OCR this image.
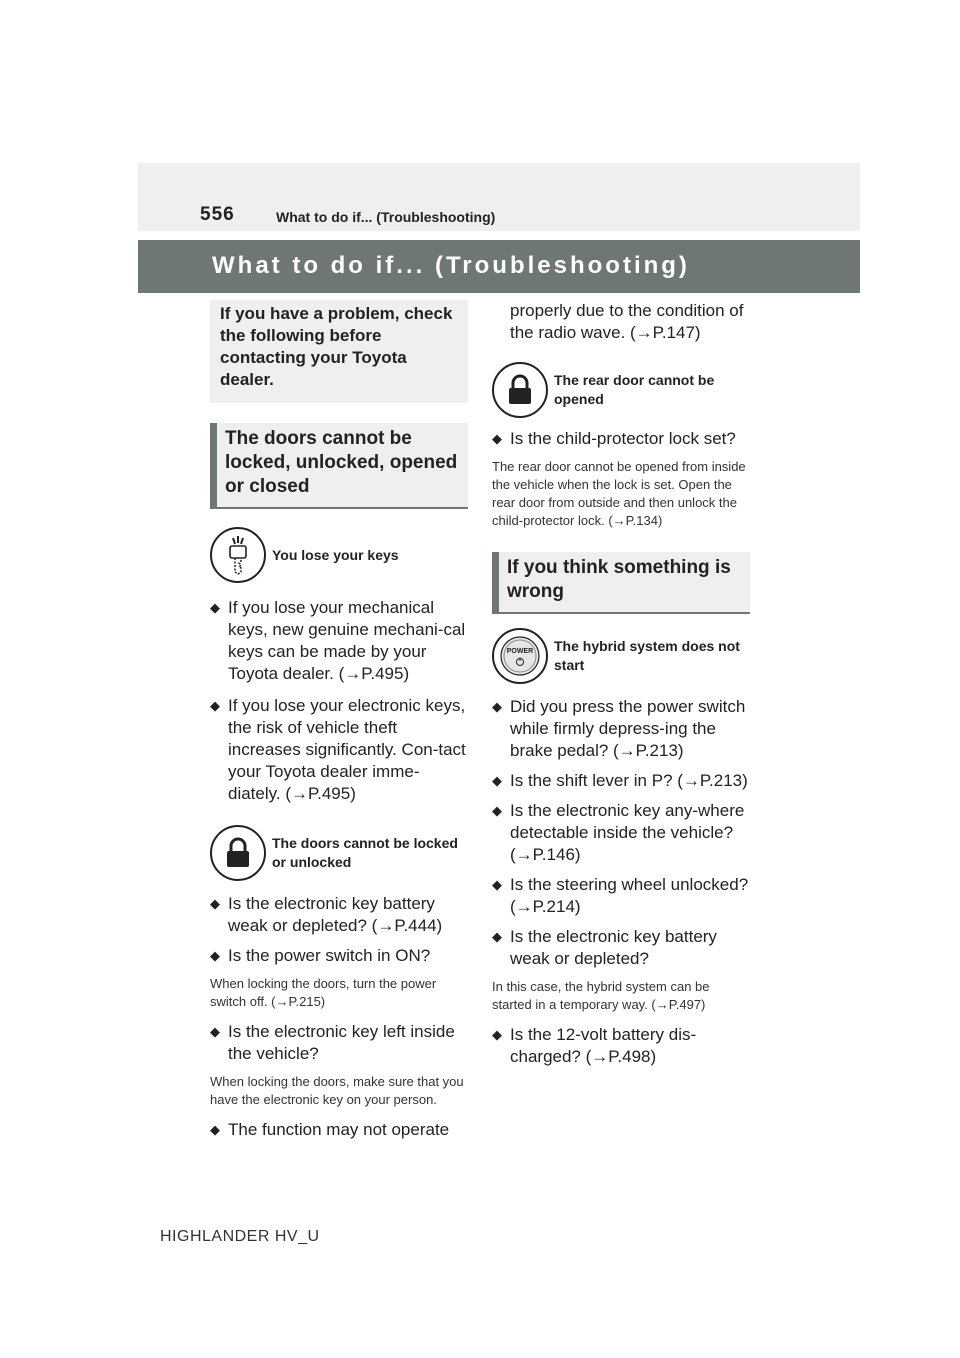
556	What to do if... (Troubleshooting)
What to do if... (Troubleshooting)
If you have a problem, check the following before contacting your Toyota dealer.
The doors cannot be locked, unlocked, opened or closed
You lose your keys
◆ If you lose your mechanical keys, new genuine mechani-cal keys can be made by your Toyota dealer. (→P.495)
◆ If you lose your electronic keys, the risk of vehicle theft increases significantly. Con-tact your Toyota dealer imme-diately. (→P.495)
The doors cannot be locked or unlocked
◆ Is the electronic key battery weak or depleted? (→P.444)
◆ Is the power switch in ON?
When locking the doors, turn the power switch off. (→P.215)
◆ Is the electronic key left inside the vehicle?
When locking the doors, make sure that you have the electronic key on your person.
◆ The function may not operate
properly due to the condition of the radio wave. (→P.147)
The rear door cannot be opened
◆ Is the child-protector lock set?
The rear door cannot be opened from inside the vehicle when the lock is set. Open the rear door from outside and then unlock the child-protector lock. (→P.134)
If you think something is wrong
POWER The hybrid system does not start
◆ Did you press the power switch while firmly depress-ing the brake pedal? (→P.213)
◆ Is the shift lever in P? (→P.213)
◆ Is the electronic key any-where detectable inside the vehicle? (→P.146)
◆ Is the steering wheel unlocked? (→P.214)
◆ Is the electronic key battery weak or depleted?
In this case, the hybrid system can be started in a temporary way. (→P.497)
◆ Is the 12-volt battery dis-charged? (→P.498)
HIGHLANDER HV_U
